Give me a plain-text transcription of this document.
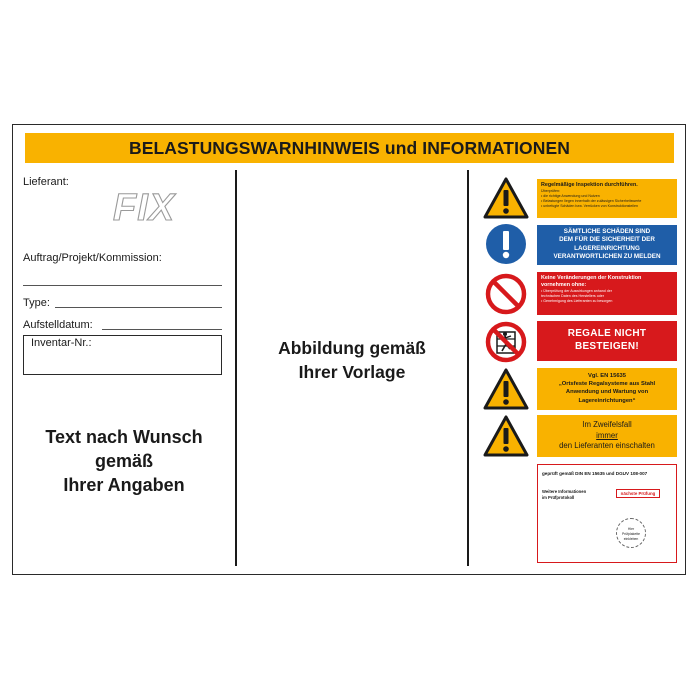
BELASTUNGSWARNHINWEIS und INFORMATIONEN
Lieferant:
FIX
Auftrag/Projekt/Kommission:
Type:
Aufstelldatum:
Inventar-Nr.:
Text nach Wunsch
gemäß
Ihrer Angaben
Abbildung gemäß
Ihrer Vorlage
Regelmäßige Inspektion durchführen.
Überprüfen:
• die richtige Anwendung und Nutzen
• Belastungen liegen innerhalb der zulässigen Sicherheitswerte
• unbefugte Schäden bzw. Verrücken von Konstruktionsteilen
SÄMTLICHE SCHÄDEN SIND
DEM FÜR DIE SICHERHEIT DER
LAGEREINRICHTUNG
VERANTWORTLICHEN ZU MELDEN
Keine Veränderungen der Konstruktion
vornehmen ohne:
• Überprüfung der Auswirkungen anhand der
technischen Daten des Herstellers oder
• Genehmigung des Lieferanten zu besorgen
REGALE NICHT
BESTEIGEN!
Vgl. EN 15635
„Ortsfeste Regalsysteme aus Stahl
Anwendung und Wartung von
Lagereinrichtungen“
Im Zweifelsfall
immer
den Lieferanten einschalten
geprüft gemäß DIN EN 15635 und DGUV 108-007
Weitere Informationen
im Prüfprotokoll
nächste Prüfung
Hier
Prüfplakette
einkleben
